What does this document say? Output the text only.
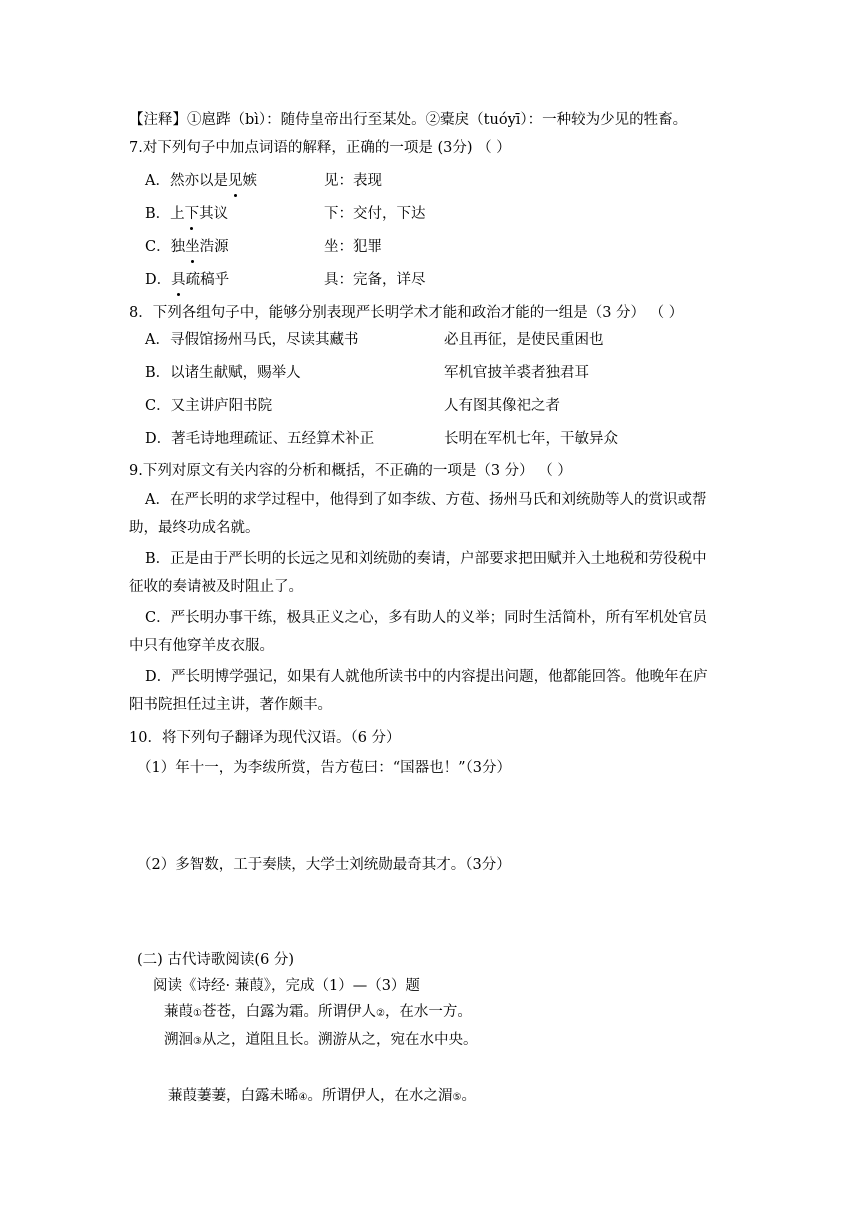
【注释】①扈跸（bì）：随侍皇帝出行至某处。②橐戾（tuóyī）：一种较为少见的牲畜。
7.对下列句子中加点词语的解释，正确的一项是 (3分) （ ）
A．然亦以是见嫉	见：表现
B．上下其议	下：交付，下达
C．独坐浩源	坐：犯罪
D．具疏稿乎	具：完备，详尽
8．下列各组句子中，能够分别表现严长明学术才能和政治才能的一组是（3 分） （ ）
A．寻假馆扬州马氏，尽读其藏书	必且再征，是使民重困也
B．以诸生献赋，赐举人	军机官披羊裘者独君耳
C．又主讲庐阳书院	人有图其像祀之者
D．著毛诗地理疏证、五经算术补正	长明在军机七年，干敏异众
9.下列对原文有关内容的分析和概括，不正确的一项是（3 分） （ ）
A．在严长明的求学过程中，他得到了如李绂、方苞、扬州马氏和刘统勋等人的赏识或帮
助，最终功成名就。
B．正是由于严长明的长远之见和刘统勋的奏请，户部要求把田赋并入土地税和劳役税中
征收的奏请被及时阻止了。
C．严长明办事干练，极具正义之心，多有助人的义举；同时生活简朴，所有军机处官员
中只有他穿羊皮衣服。
D．严长明博学强记，如果有人就他所读书中的内容提出问题，他都能回答。他晚年在庐
阳书院担任过主讲，著作颇丰。
10．将下列句子翻译为现代汉语。（6 分）
（1）年十一，为李绂所赏，告方苞曰：“国器也！”（3分）
（2）多智数，工于奏牍，大学士刘统勋最奇其才。（3分）
(二) 古代诗歌阅读(6 分)
阅读《诗经· 蒹葭》，完成（1）—（3）题
蒹葭①苍苍，白露为霜。所谓伊人②，在水一方。
溯洄③从之，道阻且长。溯游从之，宛在水中央。
蒹葭萋萋，白露未晞④。所谓伊人，在水之湄⑤。
